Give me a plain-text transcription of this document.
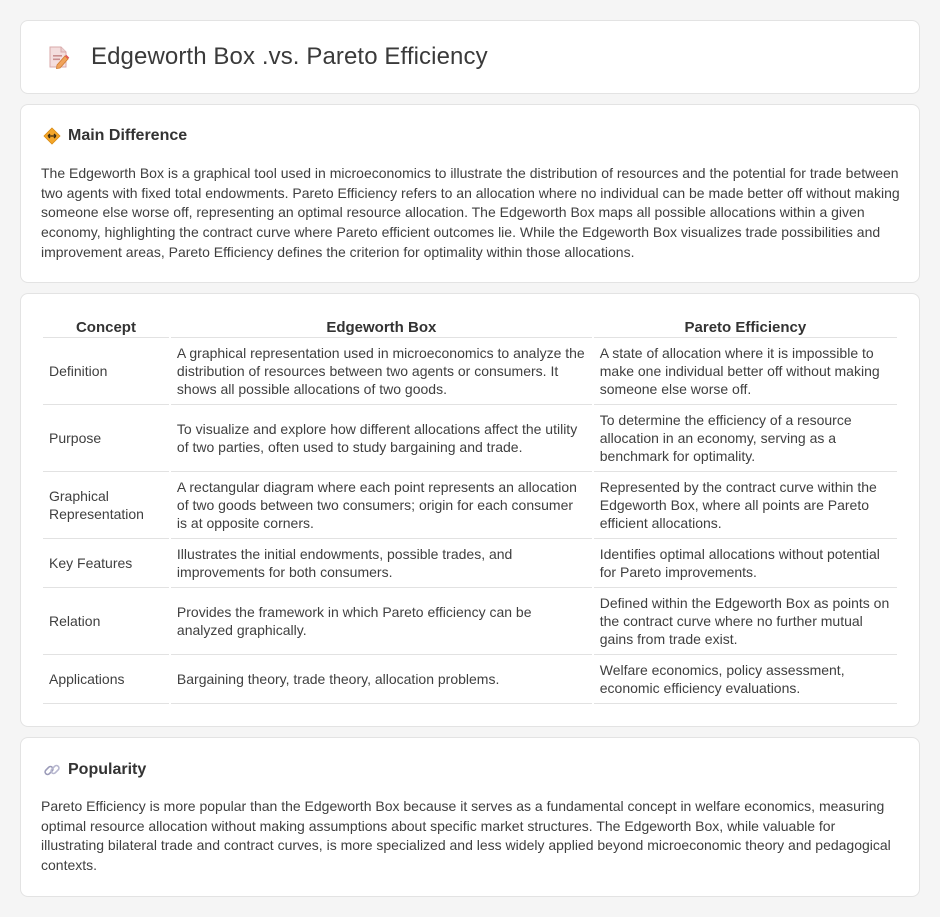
Edgeworth Box .vs. Pareto Efficiency
Main Difference

The Edgeworth Box is a graphical tool used in microeconomics to illustrate the distribution of resources and the potential for trade between two agents with fixed total endowments. Pareto Efficiency refers to an allocation where no individual can be made better off without making someone else worse off, representing an optimal resource allocation. The Edgeworth Box maps all possible allocations within a given economy, highlighting the contract curve where Pareto efficient outcomes lie. While the Edgeworth Box visualizes trade possibilities and improvement areas, Pareto Efficiency defines the criterion for optimality within those allocations.

Concept	Edgeworth Box	Pareto Efficiency
Definition	A graphical representation used in microeconomics to analyze the distribution of resources between two agents or consumers. It shows all possible allocations of two goods.	A state of allocation where it is impossible to make one individual better off without making someone else worse off.
Purpose	To visualize and explore how different allocations affect the utility of two parties, often used to study bargaining and trade.	To determine the efficiency of a resource allocation in an economy, serving as a benchmark for optimality.
Graphical Representation	A rectangular diagram where each point represents an allocation of two goods between two consumers; origin for each consumer is at opposite corners.	Represented by the contract curve within the Edgeworth Box, where all points are Pareto efficient allocations.
Key Features	Illustrates the initial endowments, possible trades, and improvements for both consumers.	Identifies optimal allocations without potential for Pareto improvements.
Relation	Provides the framework in which Pareto efficiency can be analyzed graphically.	Defined within the Edgeworth Box as points on the contract curve where no further mutual gains from trade exist.
Applications	Bargaining theory, trade theory, allocation problems.	Welfare economics, policy assessment, economic efficiency evaluations.
Popularity

Pareto Efficiency is more popular than the Edgeworth Box because it serves as a fundamental concept in welfare economics, measuring optimal resource allocation without making assumptions about specific market structures. The Edgeworth Box, while valuable for illustrating bilateral trade and contract curves, is more specialized and less widely applied beyond microeconomic theory and pedagogical contexts.
